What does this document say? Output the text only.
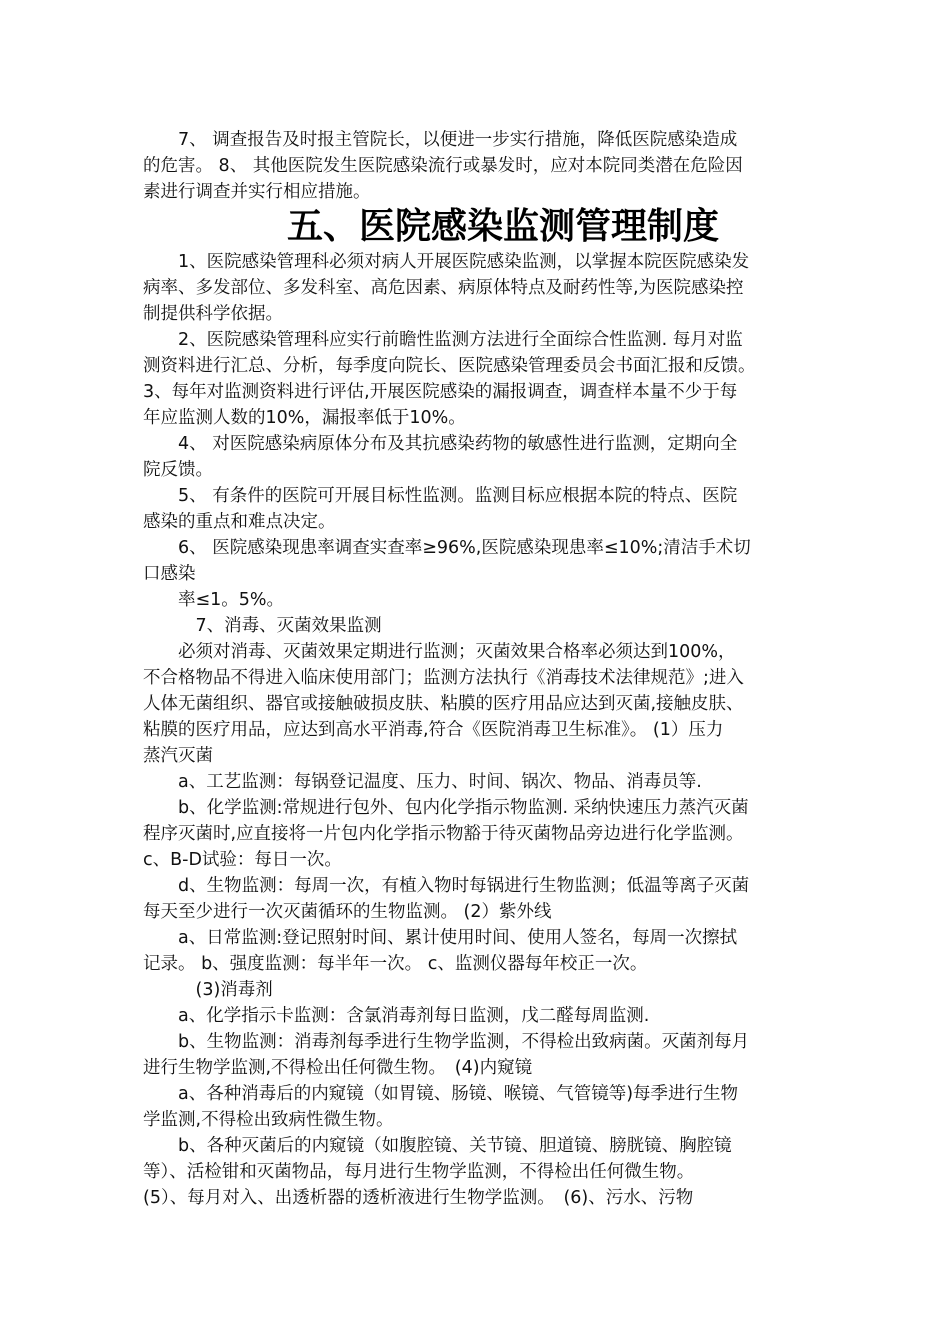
　　7、 调查报告及时报主管院长，以便进一步实行措施，降低医院感染造成
的危害。 8、 其他医院发生医院感染流行或暴发时，应对本院同类潜在危险因
素进行调查并实行相应措施。
五、医院感染监测管理制度
　　1、医院感染管理科必须对病人开展医院感染监测，以掌握本院医院感染发
病率、多发部位、多发科室、高危因素、病原体特点及耐药性等,为医院感染控
制提供科学依据。
　　2、医院感染管理科应实行前瞻性监测方法进行全面综合性监测. 每月对监
测资料进行汇总、分析，每季度向院长、医院感染管理委员会书面汇报和反馈。
3、每年对监测资料进行评估,开展医院感染的漏报调查，调查样本量不少于每
年应监测人数的10%，漏报率低于10%。
　　4、 对医院感染病原体分布及其抗感染药物的敏感性进行监测，定期向全
院反馈。
　　5、 有条件的医院可开展目标性监测。监测目标应根据本院的特点、医院
感染的重点和难点决定。
　　6、 医院感染现患率调查实查率≥96%,医院感染现患率≤10%;清洁手术切
口感染
　　率≤1。5%。
　　　7、消毒、灭菌效果监测
　　必须对消毒、灭菌效果定期进行监测；灭菌效果合格率必须达到100%，
不合格物品不得进入临床使用部门；监测方法执行《消毒技术法律规范》;进入
人体无菌组织、器官或接触破损皮肤、粘膜的医疗用品应达到灭菌,接触皮肤、
粘膜的医疗用品，应达到高水平消毒,符合《医院消毒卫生标准》。 (1）压力
蒸汽灭菌
　　a、工艺监测：每锅登记温度、压力、时间、锅次、物品、消毒员等.
　　b、化学监测:常规进行包外、包内化学指示物监测. 采纳快速压力蒸汽灭菌
程序灭菌时,应直接将一片包内化学指示物豁于待灭菌物品旁边进行化学监测。
c、B-D试验：每日一次。
　　d、生物监测：每周一次，有植入物时每锅进行生物监测；低温等离子灭菌
每天至少进行一次灭菌循环的生物监测。 (2）紫外线
　　a、日常监测:登记照射时间、累计使用时间、使用人签名，每周一次擦拭
记录。 b、强度监测：每半年一次。 c、监测仪器每年校正一次。
　　　(3)消毒剂
　　a、化学指示卡监测：含氯消毒剂每日监测，戊二醛每周监测.
　　b、生物监测：消毒剂每季进行生物学监测，不得检出致病菌。灭菌剂每月
进行生物学监测,不得检出任何微生物。　(4)内窥镜
　　a、各种消毒后的内窥镜（如胃镜、肠镜、喉镜、气管镜等)每季进行生物
学监测,不得检出致病性微生物。
　　b、各种灭菌后的内窥镜（如腹腔镜、关节镜、胆道镜、膀胱镜、胸腔镜
等）、活检钳和灭菌物品，每月进行生物学监测，不得检出任何微生物。
(5）、每月对入、出透析器的透析液进行生物学监测。　(6)、污水、污物
